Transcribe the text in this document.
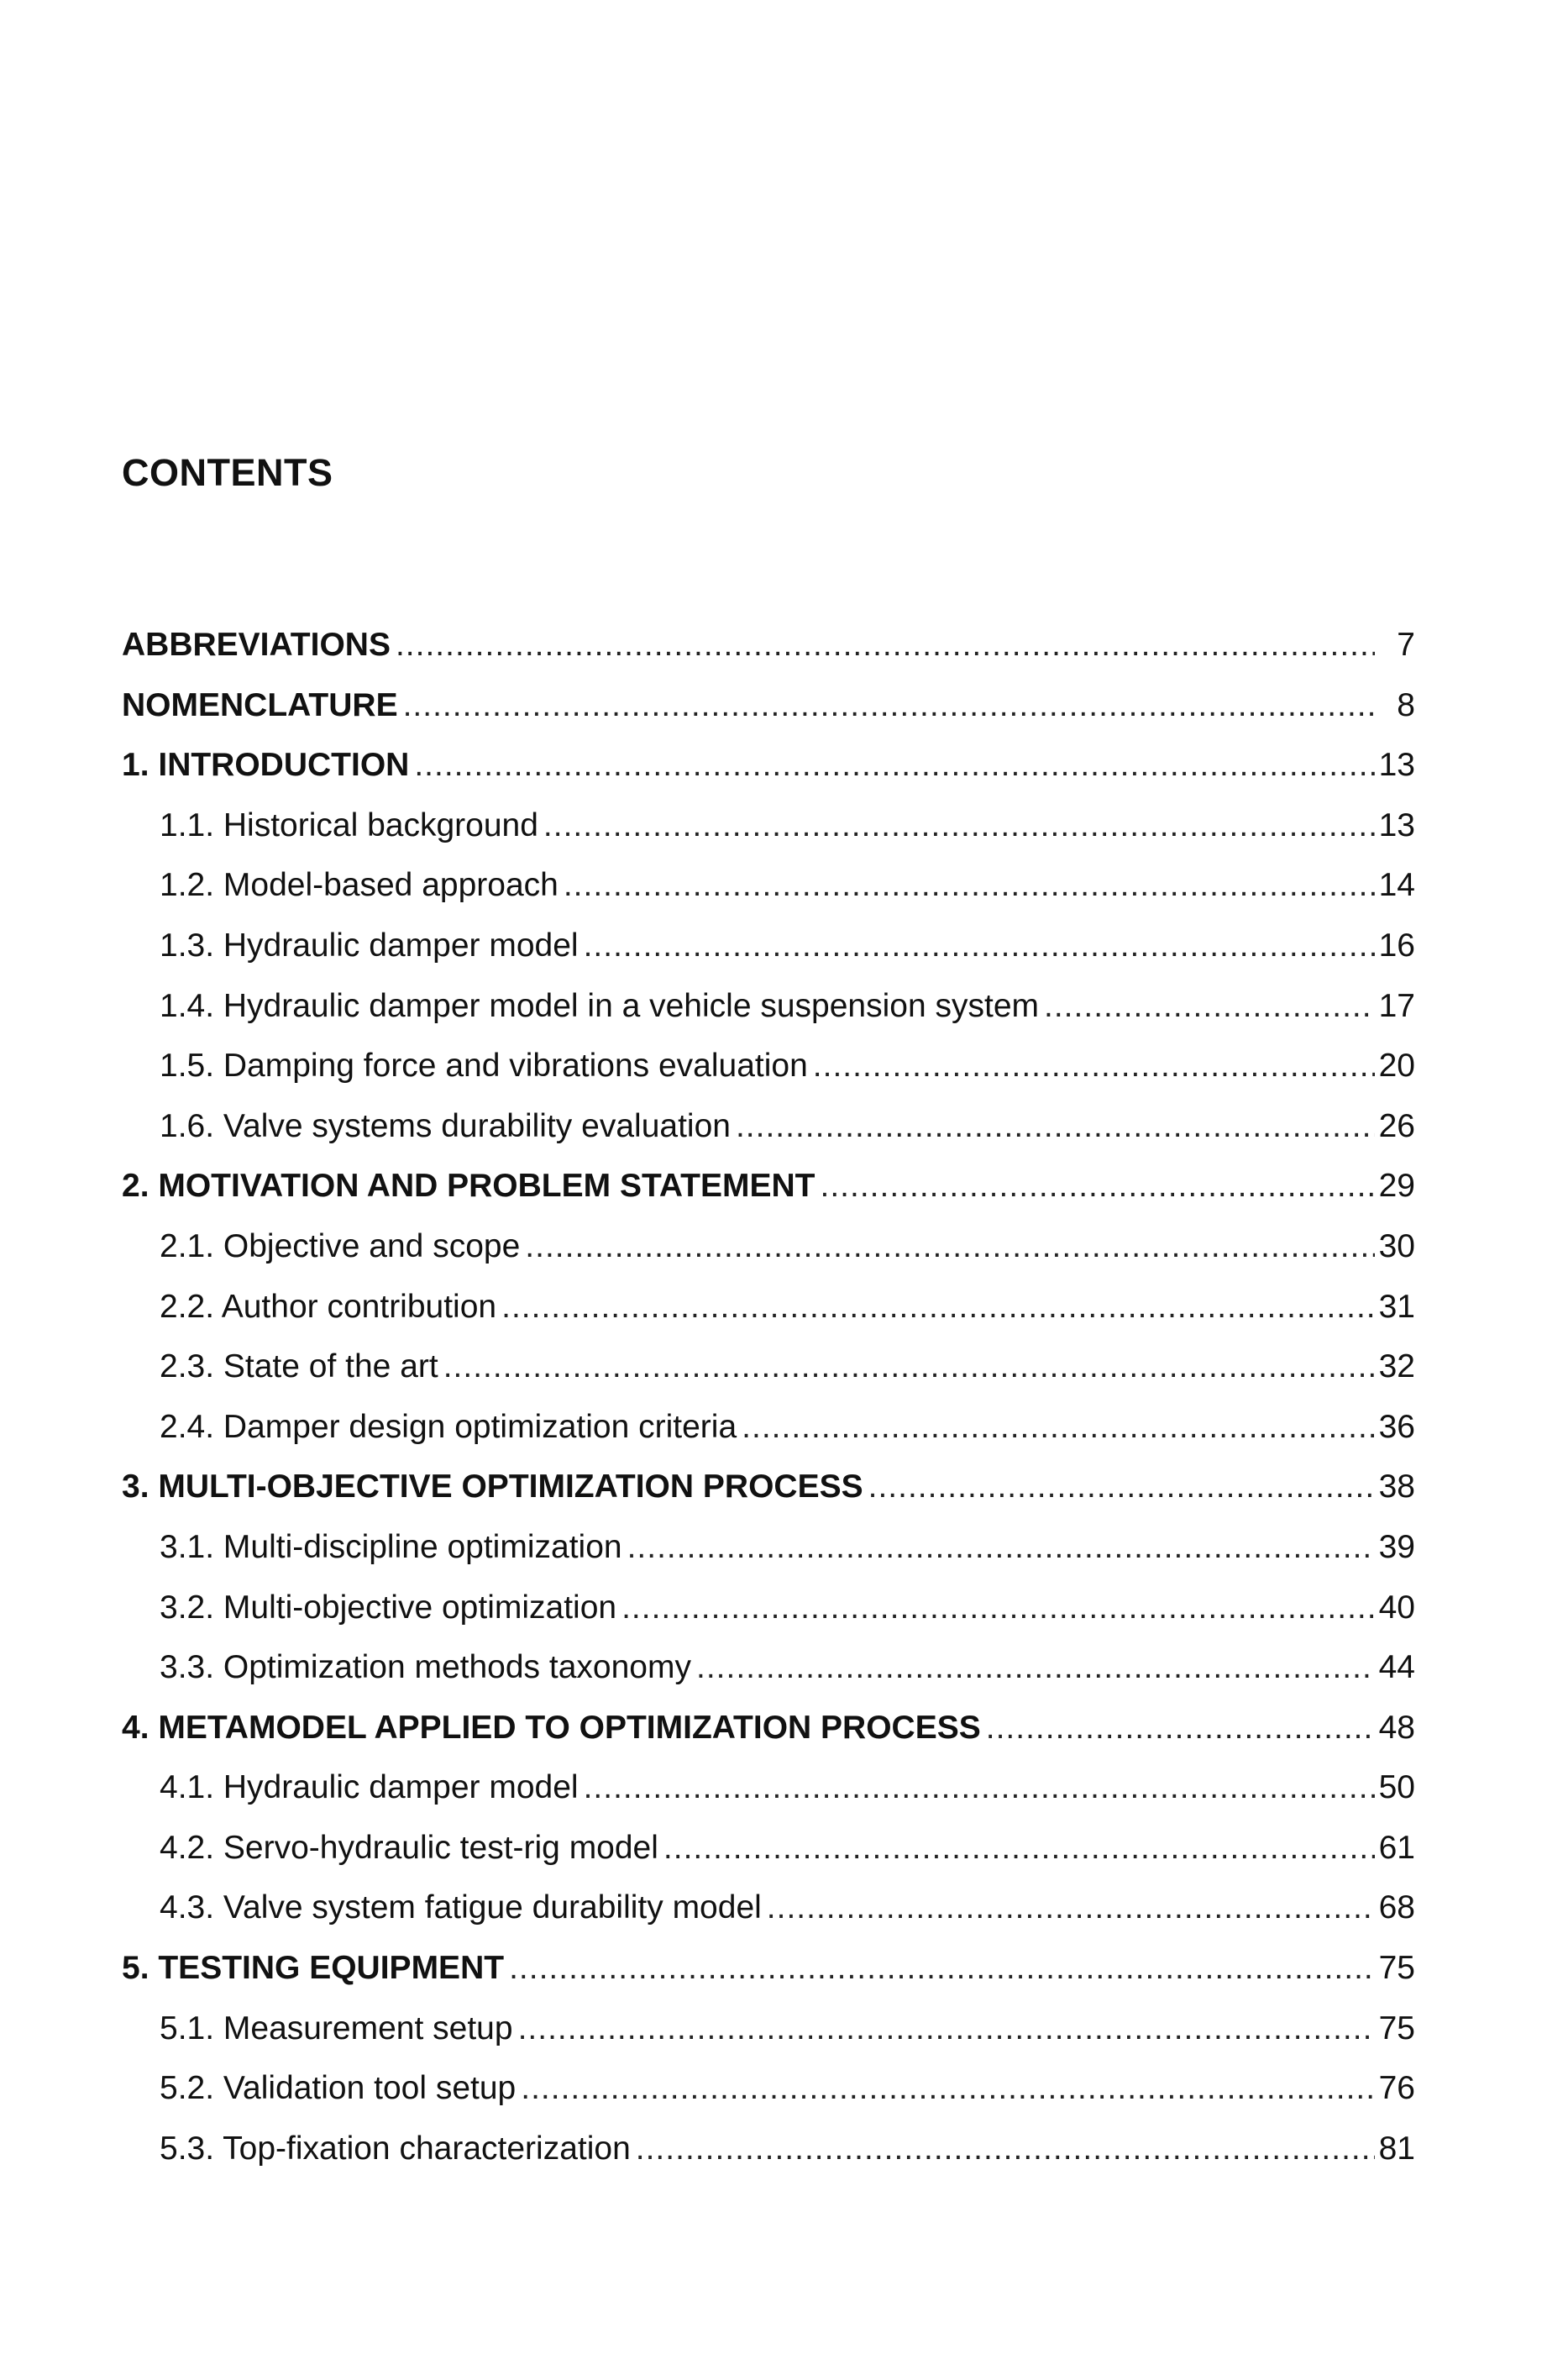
CONTENTS
ABBREVIATIONS .....	7
NOMENCLATURE .....	8
1. INTRODUCTION .....	13
1.1. Historical background .....	13
1.2. Model-based approach .....	14
1.3. Hydraulic damper model .....	16
1.4. Hydraulic damper model in a vehicle suspension system .....	17
1.5. Damping force and vibrations evaluation .....	20
1.6. Valve systems durability evaluation .....	26
2. MOTIVATION AND PROBLEM STATEMENT .....	29
2.1. Objective and scope .....	30
2.2. Author contribution .....	31
2.3. State of the art .....	32
2.4. Damper design optimization criteria .....	36
3. MULTI-OBJECTIVE OPTIMIZATION PROCESS .....	38
3.1. Multi-discipline optimization .....	39
3.2. Multi-objective optimization .....	40
3.3. Optimization methods taxonomy .....	44
4. METAMODEL APPLIED TO OPTIMIZATION PROCESS .....	48
4.1. Hydraulic damper model .....	50
4.2. Servo-hydraulic test-rig model .....	61
4.3. Valve system fatigue durability model .....	68
5. TESTING EQUIPMENT .....	75
5.1. Measurement setup .....	75
5.2. Validation tool setup .....	76
5.3. Top-fixation characterization .....	81
